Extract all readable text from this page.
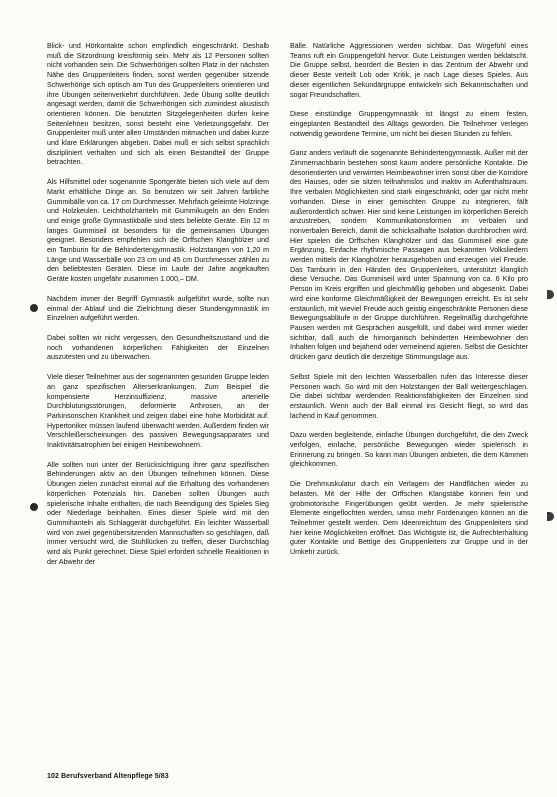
Blick- und Hörkontakte schon empfindlich eingeschränkt. Deshalb muß die Sitzordnung kreisförmig sein. Mehr als 12 Personen sollten nicht vorhanden sein. Die Schwerhörigen sollten Platz in der nächsten Nähe des Gruppenleiters finden, sonst werden gegenüber sitzende Schwerhörige sich optisch am Tun des Gruppenleiters orientieren und ihre Übungen seitenverkehrt durchführen. Jede Übung sollte deutlich angesagt werden, damit die Schwerhörigen sich zumindest akustisch orientieren können. Die benutzten Sitzgelegenheiten dürfen keine Seitenlehnen besitzen, sonst besteht eine Verletzungsgefahr. Der Gruppenleiter muß unter allen Umständen mitmachen und dabei kurze und klare Erklärungen abgeben. Dabei muß er sich selbst sprachlich diszipliniert verhalten und sich als einen Bestandteil der Gruppe betrachten.

Als Hilfsmittel oder sogenannte Sportgeräte bieten sich viele auf dem Markt erhältliche Dinge an. So benutzen wir seit Jahren farbliche Gummibälle von ca. 17 cm Durchmesser. Mehrfach geleimte Holzringe und Holzkeulen. Leichtholzhanteln mit Gummikugeln an den Enden und einige große Gymnastikbälle sind stets beliebte Geräte. Ein 12 m langes Gummiseil ist besonders für die gemeinsamen Übungen geeignet. Besonders empfehlen sich die Orffschen Klanghölzer und ein Tamburin für die Behindertengymnastik. Holzstangen von 1,20 m Länge und Wasserbälle von 23 cm und 45 cm Durchmesser zählen zu den beliebtesten Geräten. Diese im Laufe der Jahre angekauften Geräte kosten ungefähr zusammen 1.000,– DM.

Nachdem immer der Begriff Gymnastik aufgeführt wurde, sollte nun einmal der Ablauf und die Zielrichtung dieser Stundengymnastik im Einzelnen aufgeführt werden.

Dabei sollten wir nicht vergessen, den Gesundheitszustand und die noch vorhandenen körperlichen Fähigkeiten der Einzelnen auszutesten und zu überwachen.

Viele dieser Teilnehmer aus der sogenannten gesunden Gruppe leiden an ganz spezifischen Alterserkrankungen. Zum Beispiel die kompensierte Herzinsuffizienz, massive arterielle Durchblutungsstörungen, deformierte Arthrosen, an der Parkinsonschen Krankheit und zeigen dabei eine hohe Morbidität auf. Hypertoniker müssen laufend überwacht werden. Außerdem finden wir Verschleißerscheinungen des passiven Bewegungsapparates und Inaktivitätsatrophien bei einigen Heimbewohnern.

Alle sollten nun unter der Berücksichtigung ihrer ganz spezifischen Behinderungen aktiv an den Übungen teilnehmen können. Diese Übungen zielen zunächst einmal auf die Erhaltung des vorhandenen körperlichen Potenzials hin. Daneben sollten Übungen auch spielerische Inhalte enthalten, die nach Beendigung des Spieles Sieg oder Niederlage beinhalten. Eines dieser Spiele wird mit den Gummihanteln als Schlaggerät durchgeführt. Ein leichter Wasserball wird von zwei gegenübersitzenden Mannschaften so geschlagen, daß immer versucht wird, die Stuhllücken zu treffen, dieser Durchschlag wird als Punkt gerechnet. Diese Spiel erfordert schnelle Reaktionen in der Abwehr der

Bälle. Natürliche Aggressionen werden sichtbar. Das Wirgefühl eines Teams ruft ein Gruppengefühl hervor. Gute Leistungen werden beklatscht. Die Gruppe selbst, beordert die Besten in das Zentrum der Abwehr und dieser Beste verteilt Lob oder Kritik, je nach Lage dieses Spieles. Aus dieser eigentlichen Sekundärgruppe entwickeln sich Bekanntschaften und sogar Freundschaften.

Diese einstündige Gruppengymnastik ist längst zu einem festen, eingeplanten Bestandteil des Alltags geworden. Die Teilnehmer verlegen notwendig gewordene Termine, um nicht bei diesen Stunden zu fehlen.

Ganz anders verläuft die sogenannte Behindertengymnastik. Außer mit der Zimmernachbarin bestehen sonst kaum andere persönliche Kontakte. Die desorientierten und verwirrten Heimbewohner irren sonst über die Korridore des Hauses, oder sie sitzen teilnahmslos und inaktiv im Aufenthaltsraum. Ihre verbalen Möglichkeiten sind stark eingeschränkt, oder gar nicht mehr vorhanden. Diese in einer gemischten Gruppe zu integrieren, fällt außerordentlich schwer. Hier sind keine Leistungen im körperlichen Bereich anzustreben, sondern Kommunikationsformen im verbalen und nonverbalen Bereich, damit die schicksalhafte Isolation durchbrochen wird. Hier spielen die Orffschen Klanghölzer und das Gummiseil eine gute Ergänzung. Einfache rhythmische Passagen aus bekannten Volksliedern werden mittels der Klanghölzer herausgehoben und erzeugen viel Freude. Das Tamburin in den Händen des Gruppenleiters, unterstützt klanglich diese Versuche. Das Gummiseil wird unter Spannung von ca. 6 Kilo pro Person im Kreis ergriffen und gleichmäßig gehoben und abgesenkt. Dabei wird eine konforme Gleichmäßigkeit der Bewegungen erreicht. Es ist sehr erstaunlich, mit wieviel Freude auch geistig eingeschränkte Personen diese Bewegungsabläufe in der Gruppe durchführen. Regelmäßig durchgeführte Pausen werden mit Gesprächen ausgefüllt, und dabei wird immer wieder sichtbar, daß auch die hirnorganisch behinderten Heimbewohner den Inhalten folgen und bejahend oder verneinend agieren. Selbst die Gesichter drücken ganz deutlich die derzeitige Stimmungslage aus.

Selbst Spiele mit den leichten Wasserbällen rufen das Interesse dieser Personen wach. So wird mit den Holzstangen der Ball weitergeschlagen. Die dabei sichtbar werdenden Reaktionsfähigkeiten der Einzelnen sind erstaunlich. Wenn auch der Ball einmal ins Gesicht fliegt, so wird das lachend in Kauf genommen.

Dazu werden begleitende, einfache Übungen durchgeführt, die den Zweck verfolgen, einfache, persönliche Bewegungen wieder spielerisch in Erinnerung zu bringen. So kann man Übungen anbieten, die dem Kämmen gleichkommen.

Die Drehmuskulatur durch ein Verlagern der Handflächen wieder zu belasten. Mit der Hilfe der Orffschen Klangstäbe können fein und grobmotorische Fingerübungen geübt werden. Je mehr spielerische Elemente eingeflochten werden, umso mehr Forderungen können an die Teilnehmer gestellt werden. Dem Ideenreichtum des Gruppenleiters sind hier keine Möglichkeiten eröffnet. Das Wichtigste ist, die Aufrechterhaltung guter Kontakte und Bettige des Gruppenleiters zur Gruppe und in der Umkehr zurück.

102 Berufsverband Altenpflege 5/83
